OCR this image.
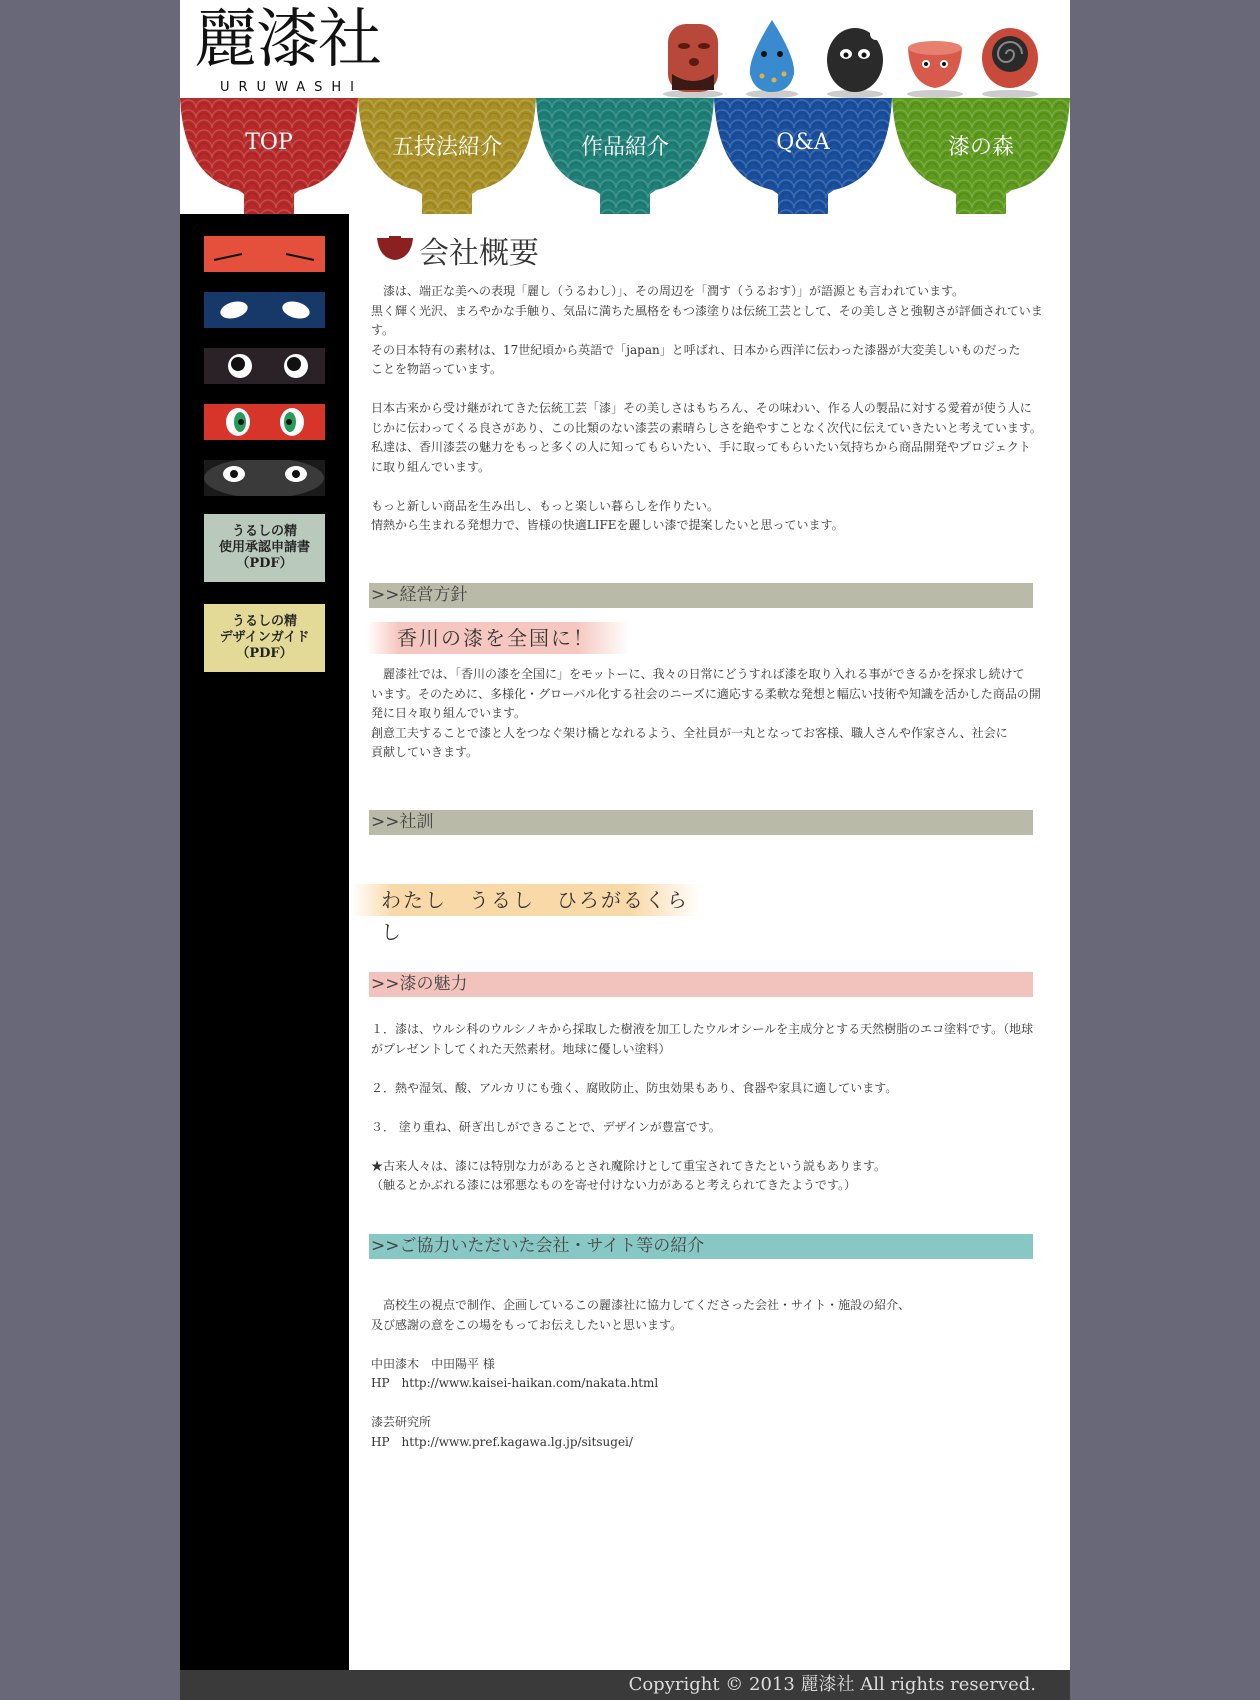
麗漆社
URUWASHI
TOP	五技法紹介	作品紹介	Q&A	漆の森
うるしの精
使用承認申請書
（PDF）
うるしの精
デザインガイド
（PDF）
会社概要

　漆は、端正な美への表現「麗し（うるわし）」、その周辺を「潤す（うるおす）」が語源とも言われています。

黒く輝く光沢、まろやかな手触り、気品に満ちた風格をもつ漆塗りは伝統工芸として、その美しさと強靭さが評価されています。

その日本特有の素材は、17世紀頃から英語で「japan」と呼ばれ、日本から西洋に伝わった漆器が大変美しいものだった

ことを物語っています。

日本古来から受け継がれてきた伝統工芸「漆」その美しさはもちろん、その味わい、作る人の製品に対する愛着が使う人に

じかに伝わってくる良さがあり、この比類のない漆芸の素晴らしさを絶やすことなく次代に伝えていきたいと考えています。

私達は、香川漆芸の魅力をもっと多くの人に知ってもらいたい、手に取ってもらいたい気持ちから商品開発やプロジェクト

に取り組んでいます。

もっと新しい商品を生み出し、もっと楽しい暮らしを作りたい。

情熱から生まれる発想力で、皆様の快適LIFEを麗しい漆で提案したいと思っています。

>>経営方針
香川の漆を全国に！

　麗漆社では、「香川の漆を全国に」をモットーに、我々の日常にどうすれば漆を取り入れる事ができるかを探求し続けて

います。そのために、多様化・グローバル化する社会のニーズに適応する柔軟な発想と幅広い技術や知識を活かした商品の開

発に日々取り組んでいます。

創意工夫することで漆と人をつなぐ架け橋となれるよう、全社員が一丸となってお客様、職人さんや作家さん、社会に

貢献していきます。

>>社訓
わたし　うるし　ひろがるくらし
>>漆の魅力

１．漆は、ウルシ科のウルシノキから採取した樹液を加工したウルオシールを主成分とする天然樹脂のエコ塗料です。（地球

がプレゼントしてくれた天然素材。地球に優しい塗料）

２．熱や湿気、酸、アルカリにも強く、腐敗防止、防虫効果もあり、食器や家具に適しています。

３． 塗り重ね、研ぎ出しができることで、デザインが豊富です。

★古来人々は、漆には特別な力があるとされ魔除けとして重宝されてきたという説もあります。

（触るとかぶれる漆には邪悪なものを寄せ付けない力があると考えられてきたようです。）

>>ご協力いただいた会社・サイト等の紹介

　高校生の視点で制作、企画しているこの麗漆社に協力してくださった会社・サイト・施設の紹介、

及び感謝の意をこの場をもってお伝えしたいと思います。

中田漆木　中田陽平 様

HP　http://www.kaisei-haikan.com/nakata.html

漆芸研究所

HP　http://www.pref.kagawa.lg.jp/sitsugei/

Copyright © 2013 麗漆社 All rights reserved.
